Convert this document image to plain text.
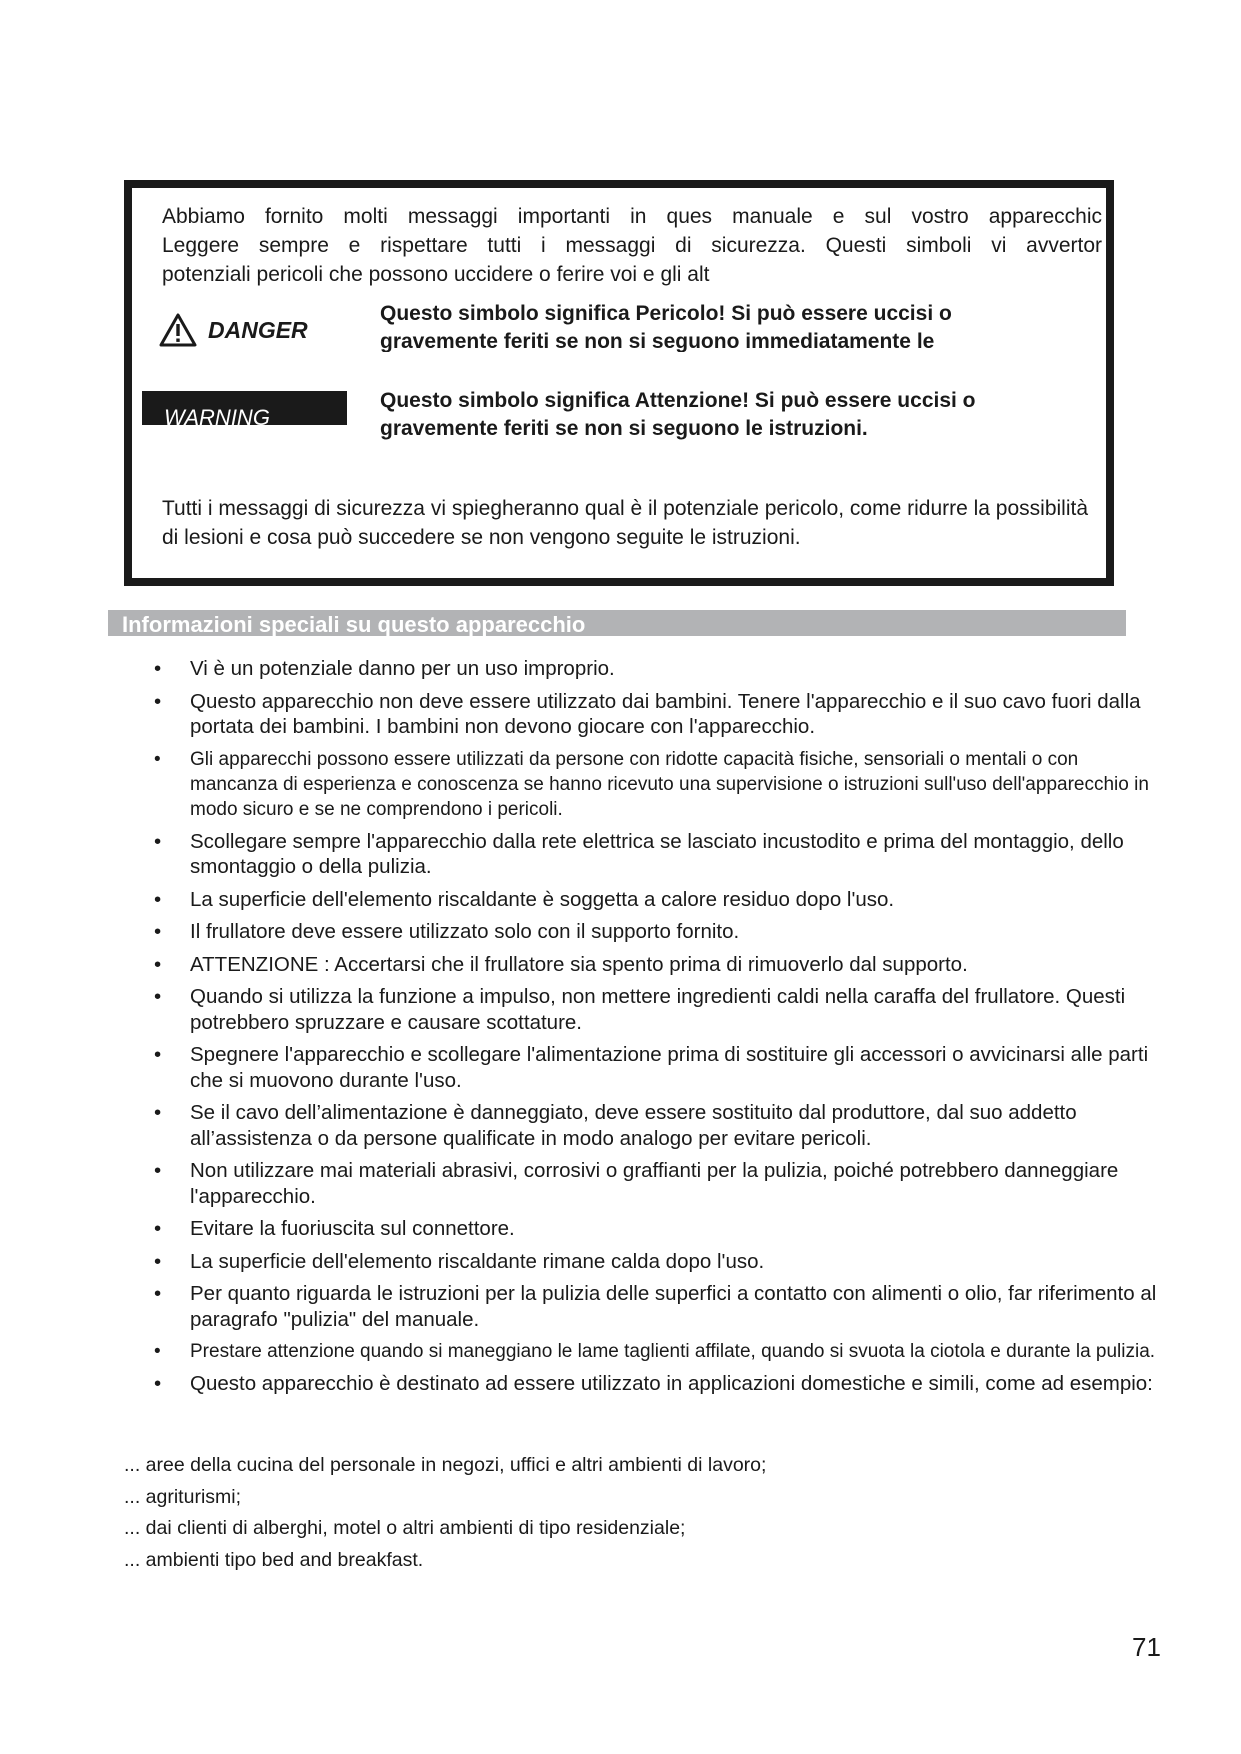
Abbiamo fornito molti messaggi importanti in ques manuale e sul vostro apparecchic
Leggere sempre e rispettare tutti i messaggi di sicurezza. Questi simboli vi avvertor
potenziali pericoli che possono uccidere o ferire voi e gli alt
DANGER
Questo simbolo significa Pericolo! Si può essere uccisi o
gravemente feriti se non si seguono immediatamente le
WARNING
Questo simbolo significa Attenzione! Si può essere uccisi o
gravemente feriti se non si seguono le istruzioni.
Tutti i messaggi di sicurezza vi spiegheranno qual è il potenziale pericolo, come ridurre la possibilità di lesioni e cosa può succedere se non vengono seguite le istruzioni.
Informazioni speciali su questo apparecchio
• Vi è un potenziale danno per un uso improprio.
• Questo apparecchio non deve essere utilizzato dai bambini. Tenere l'apparecchio e il suo cavo fuori dalla portata dei bambini. I bambini non devono giocare con l'apparecchio.
• Gli apparecchi possono essere utilizzati da persone con ridotte capacità fisiche, sensoriali o mentali o con mancanza di esperienza e conoscenza se hanno ricevuto una supervisione o istruzioni sull'uso dell'apparecchio in modo sicuro e se ne comprendono i pericoli.
• Scollegare sempre l'apparecchio dalla rete elettrica se lasciato incustodito e prima del montaggio, dello smontaggio o della pulizia.
• La superficie dell'elemento riscaldante è soggetta a calore residuo dopo l'uso.
• Il frullatore deve essere utilizzato solo con il supporto fornito.
• ATTENZIONE : Accertarsi che il frullatore sia spento prima di rimuoverlo dal supporto.
• Quando si utilizza la funzione a impulso, non mettere ingredienti caldi nella caraffa del frullatore. Questi potrebbero spruzzare e causare scottature.
• Spegnere l'apparecchio e scollegare l'alimentazione prima di sostituire gli accessori o avvicinarsi alle parti che si muovono durante l'uso.
• Se il cavo dell’alimentazione è danneggiato, deve essere sostituito dal produttore, dal suo addetto all’assistenza o da persone qualificate in modo analogo per evitare pericoli.
• Non utilizzare mai materiali abrasivi, corrosivi o graffianti per la pulizia, poiché potrebbero danneggiare l'apparecchio.
• Evitare la fuoriuscita sul connettore.
• La superficie dell'elemento riscaldante rimane calda dopo l'uso.
• Per quanto riguarda le istruzioni per la pulizia delle superfici a contatto con alimenti o olio, far riferimento al paragrafo "pulizia" del manuale.
• Prestare attenzione quando si maneggiano le lame taglienti affilate, quando si svuota la ciotola e durante la pulizia.
• Questo apparecchio è destinato ad essere utilizzato in applicazioni domestiche e simili, come ad esempio:
... aree della cucina del personale in negozi, uffici e altri ambienti di lavoro;
... agriturismi;
... dai clienti di alberghi, motel o altri ambienti di tipo residenziale;
... ambienti tipo bed and breakfast.
71
